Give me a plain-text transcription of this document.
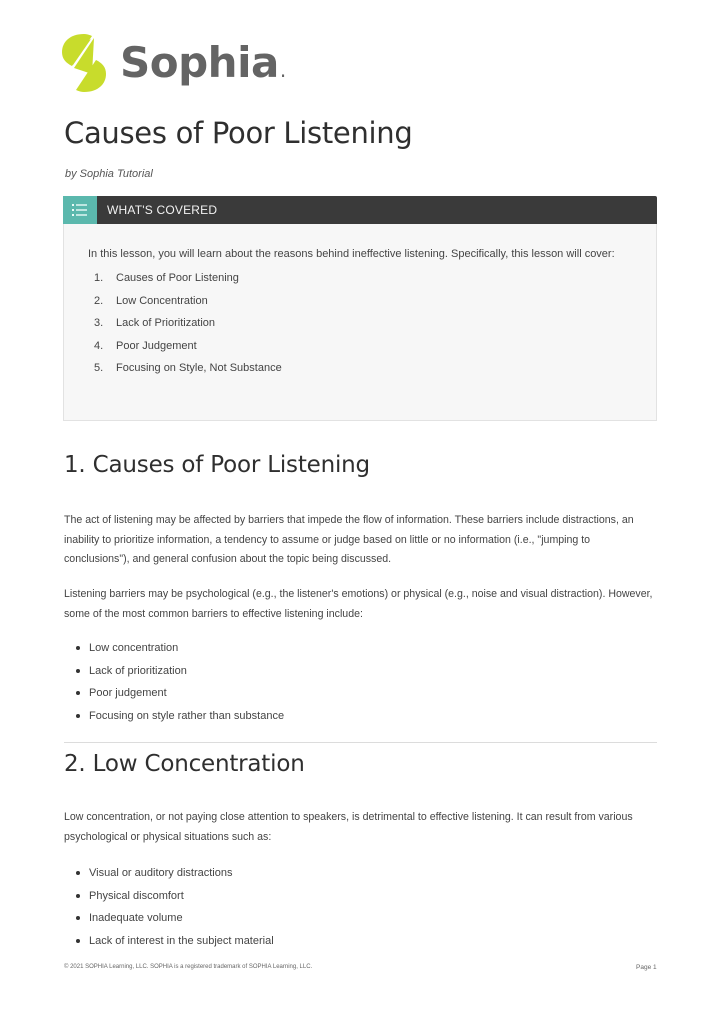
Sophia.
Causes of Poor Listening
by Sophia Tutorial
WHAT'S COVERED

In this lesson, you will learn about the reasons behind ineffective listening. Specifically, this lesson will cover:

1.	Causes of Poor Listening
2.	Low Concentration
3.	Lack of Prioritization
4.	Poor Judgement
5.	Focusing on Style, Not Substance
1. Causes of Poor Listening

The act of listening may be affected by barriers that impede the flow of information. These barriers include distractions, an inability to prioritize information, a tendency to assume or judge based on little or no information (i.e., "jumping to conclusions"), and general confusion about the topic being discussed.

Listening barriers may be psychological (e.g., the listener's emotions) or physical (e.g., noise and visual distraction). However, some of the most common barriers to effective listening include:

Low concentration
Lack of prioritization
Poor judgement
Focusing on style rather than substance
2. Low Concentration

Low concentration, or not paying close attention to speakers, is detrimental to effective listening. It can result from various psychological or physical situations such as:

Visual or auditory distractions
Physical discomfort
Inadequate volume
Lack of interest in the subject material
© 2021 SOPHIA Learning, LLC. SOPHIA is a registered trademark of SOPHIA Learning, LLC.	Page 1
